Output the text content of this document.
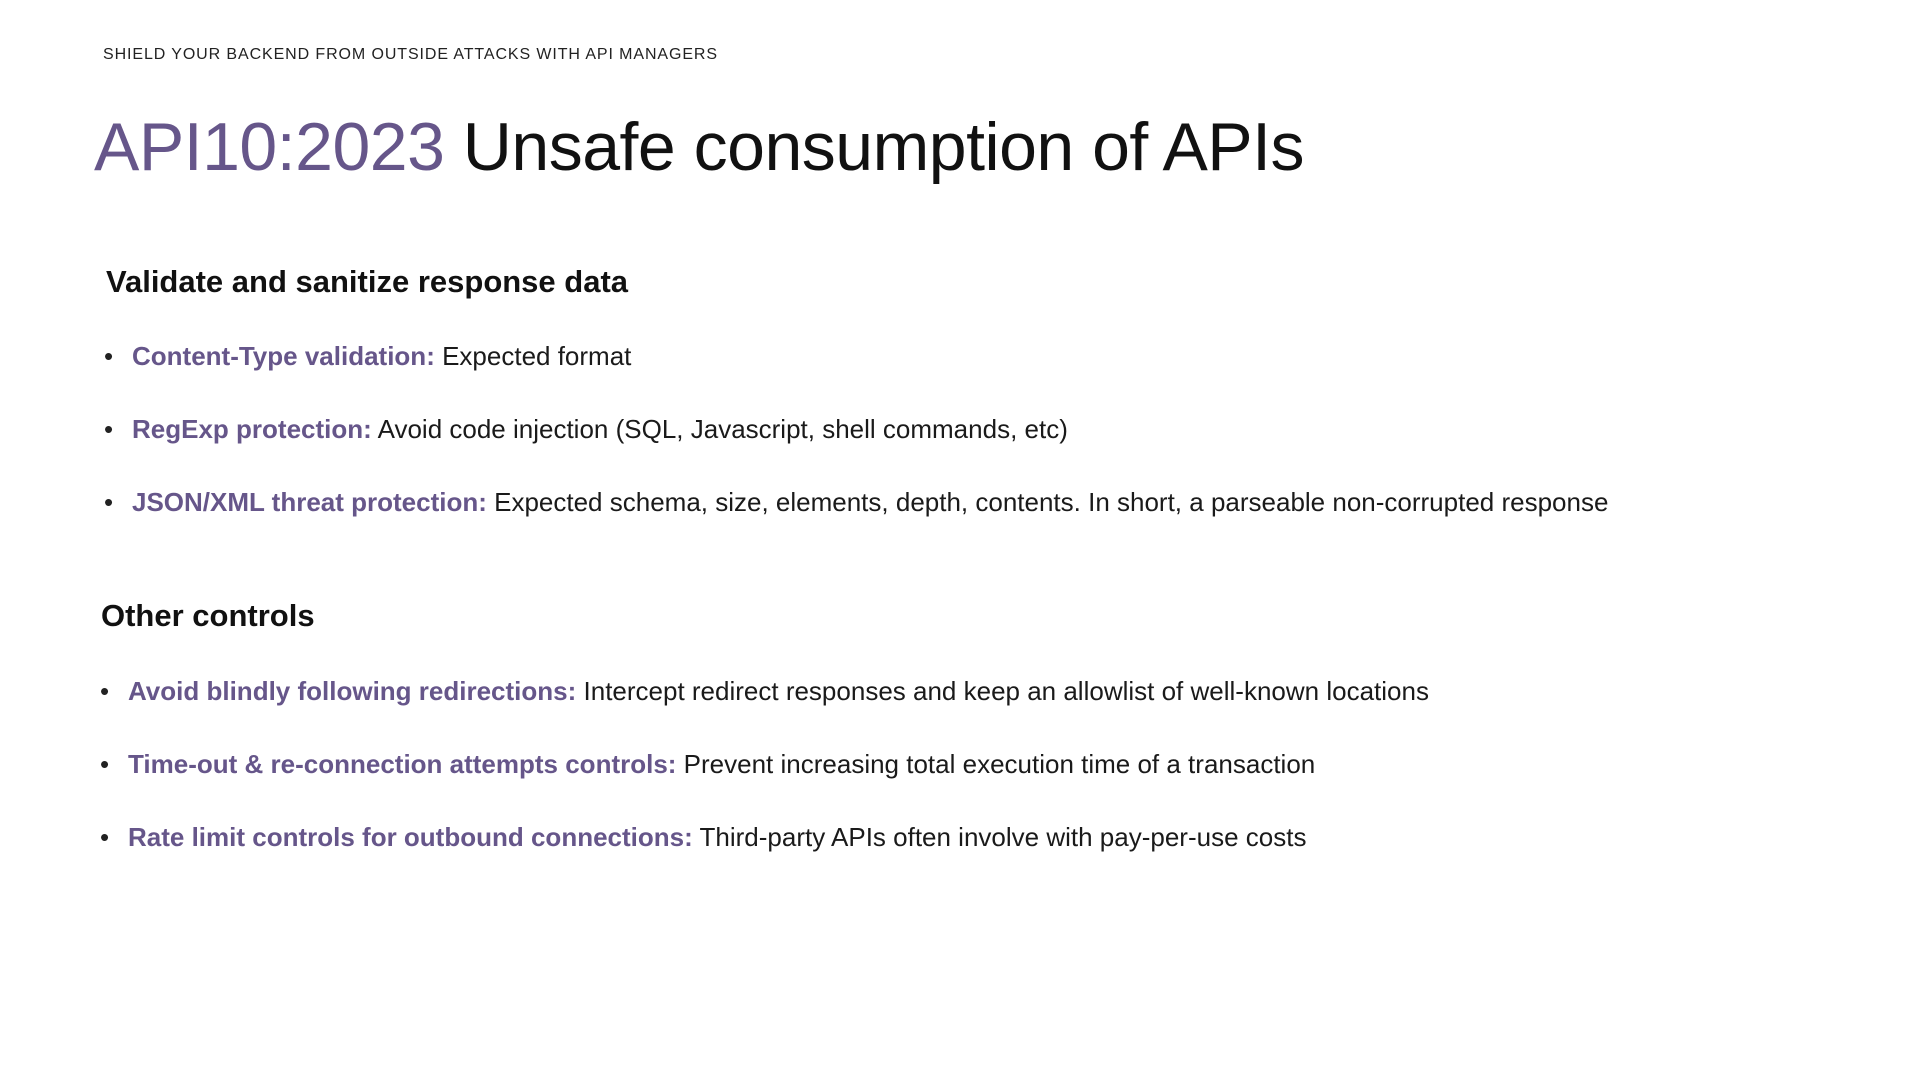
SHIELD YOUR BACKEND FROM OUTSIDE ATTACKS WITH API MANAGERS
API10:2023 Unsafe consumption of APIs
Validate and sanitize response data
• Content-Type validation: Expected format
• RegExp protection: Avoid code injection (SQL, Javascript, shell commands, etc)
• JSON/XML threat protection: Expected schema, size, elements, depth, contents. In short, a parseable non-corrupted response
Other controls
• Avoid blindly following redirections: Intercept redirect responses and keep an allowlist of well-known locations
• Time-out & re-connection attempts controls: Prevent increasing total execution time of a transaction
• Rate limit controls for outbound connections: Third-party APIs often involve with pay-per-use costs
